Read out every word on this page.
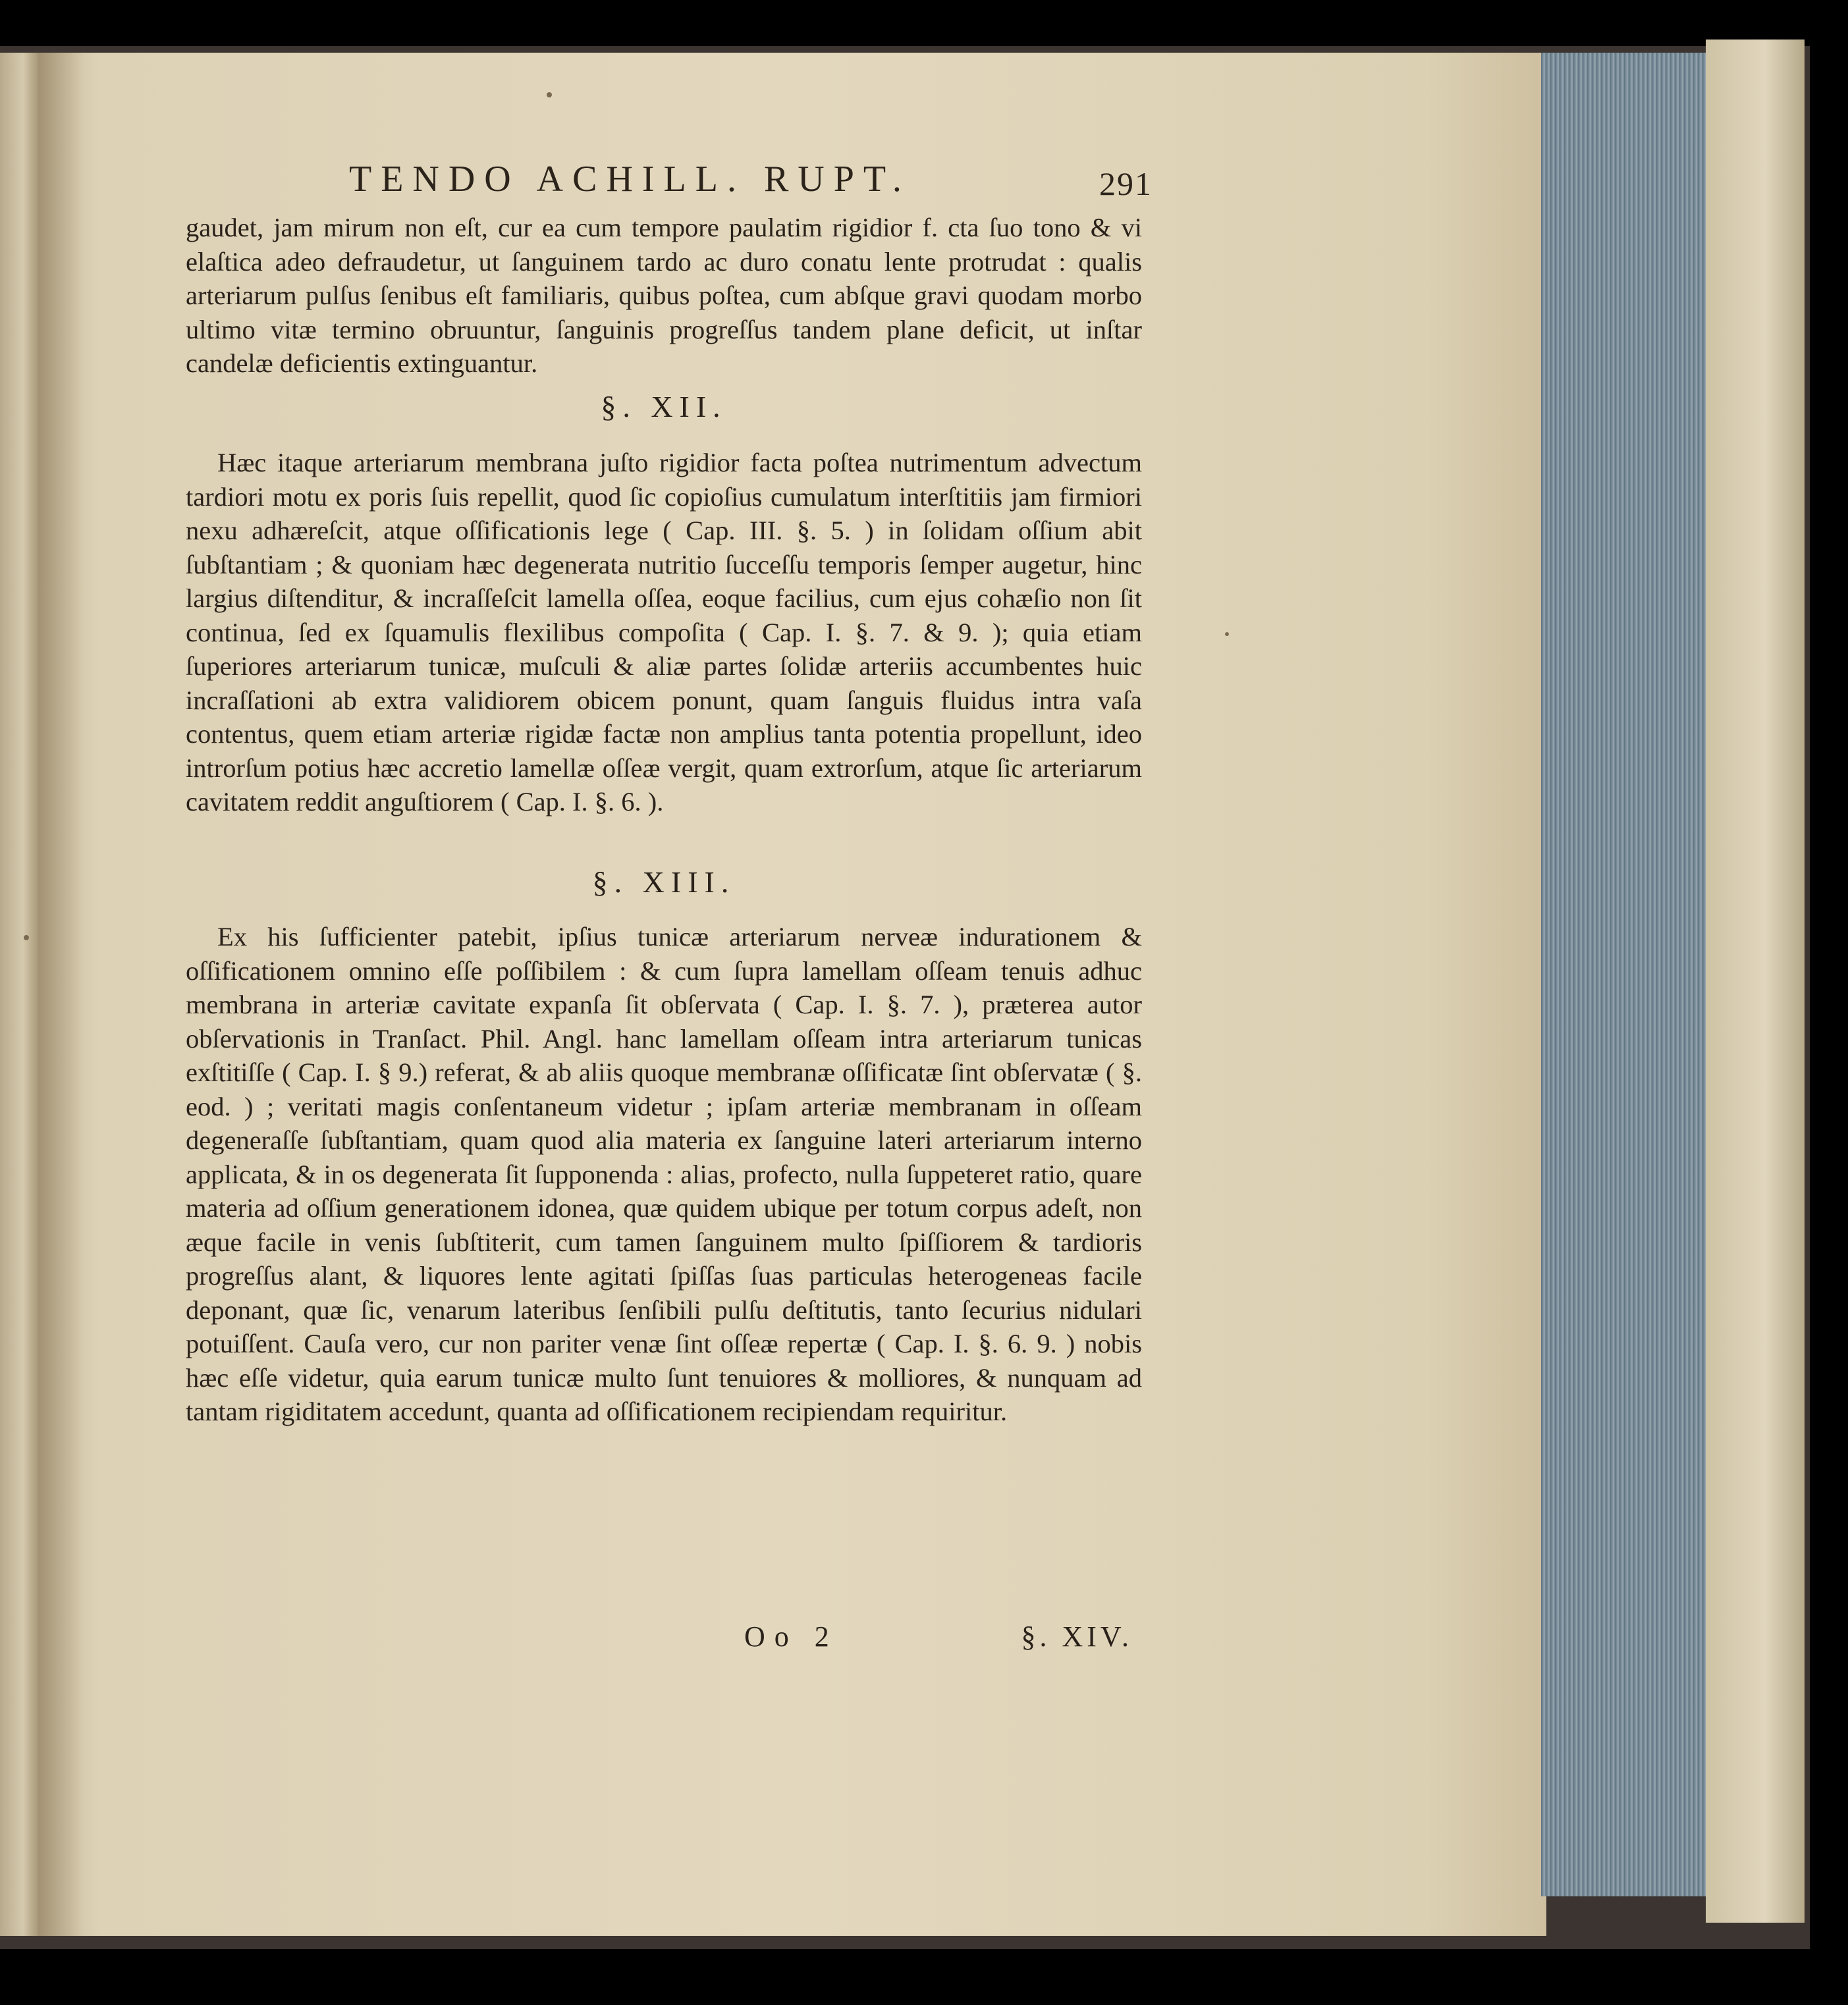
TENDO ACHILL. RUPT.	291

gaudet, jam mirum non eſt, cur ea cum tempore paulatim rigidior f. cta ſuo tono & vi elaſtica adeo defraudetur, ut ſanguinem tardo ac duro conatu lente protrudat : qualis arteriarum pulſus ſenibus eſt familiaris, quibus poſtea, cum abſque gravi quodam morbo ultimo vitæ termino obruuntur, ſanguinis progreſſus tandem plane deficit, ut inſtar candelæ deficientis extinguantur.

§. XII.

Hæc itaque arteriarum membrana juſto rigidior facta poſtea nutrimentum advectum tardiori motu ex poris ſuis repellit, quod ſic copioſius cumulatum interſtitiis jam firmiori nexu adhæreſcit, atque oſſificationis lege ( Cap. III. §. 5. ) in ſolidam oſſium abit ſubſtantiam ; & quoniam hæc degenerata nutritio ſucceſſu temporis ſemper augetur, hinc largius diſtenditur, & incraſſeſcit lamella oſſea, eoque facilius, cum ejus cohæſio non ſit continua, ſed ex ſquamulis flexilibus compoſita ( Cap. I. §. 7. & 9. ); quia etiam ſuperiores arteriarum tunicæ, muſculi & aliæ partes ſolidæ arteriis accumbentes huic incraſſationi ab extra validiorem obicem ponunt, quam ſanguis fluidus intra vaſa contentus, quem etiam arteriæ rigidæ factæ non amplius tanta potentia propellunt, ideo introrſum potius hæc accretio lamellæ oſſeæ vergit, quam extrorſum, atque ſic arteriarum cavitatem reddit anguſtiorem ( Cap. I. §. 6. ).

§. XIII.

Ex his ſufficienter patebit, ipſius tunicæ arteriarum nerveæ indurationem & oſſificationem omnino eſſe poſſibilem : & cum ſupra lamellam oſſeam tenuis adhuc membrana in arteriæ cavitate expanſa ſit obſervata ( Cap. I. §. 7. ), præterea autor obſervationis in Tranſact. Phil. Angl. hanc lamellam oſſeam intra arteriarum tunicas exſtitiſſe ( Cap. I. § 9.) referat, & ab aliis quoque membranæ oſſificatæ ſint obſervatæ ( §. eod. ) ; veritati magis conſentaneum videtur ; ipſam arteriæ membranam in oſſeam degeneraſſe ſubſtantiam, quam quod alia materia ex ſanguine lateri arteriarum interno applicata, & in os degenerata ſit ſupponenda : alias, profecto, nulla ſuppeteret ratio, quare materia ad oſſium generationem idonea, quæ quidem ubique per totum corpus adeſt, non æque facile in venis ſubſtiterit, cum tamen ſanguinem multo ſpiſſiorem & tardioris progreſſus alant, & liquores lente agitati ſpiſſas ſuas particulas heterogeneas facile deponant, quæ ſic, venarum lateribus ſenſibili pulſu deſtitutis, tanto ſecurius nidulari potuiſſent. Cauſa vero, cur non pariter venæ ſint oſſeæ repertæ ( Cap. I. §. 6. 9. ) nobis hæc eſſe videtur, quia earum tunicæ multo ſunt tenuiores & molliores, & nunquam ad tantam rigiditatem accedunt, quanta ad oſſificationem recipiendam requiritur.

Oo 2	§. XIV.
